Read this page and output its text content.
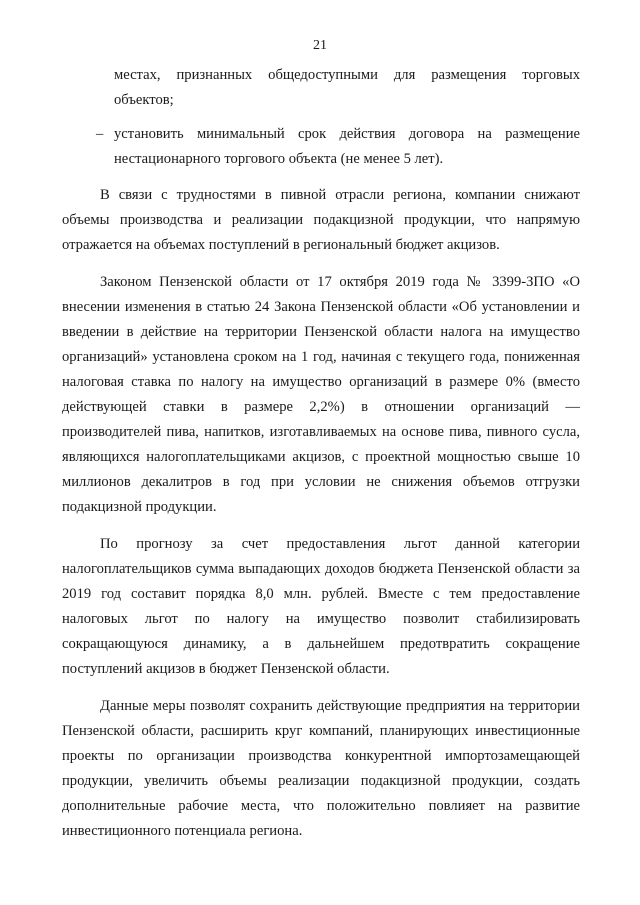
21

местах, признанных общедоступными для размещения торговых объектов;

– установить минимальный срок действия договора на размещение нестационарного торгового объекта (не менее 5 лет).

В связи с трудностями в пивной отрасли региона, компании снижают объемы производства и реализации подакцизной продукции, что напрямую отражается на объемах поступлений в региональный бюджет акцизов.

Законом Пензенской области от 17 октября 2019 года № 3399-ЗПО «О внесении изменения в статью 24 Закона Пензенской области «Об установлении и введении в действие на территории Пензенской области налога на имущество организаций» установлена сроком на 1 год, начиная с текущего года, пониженная налоговая ставка по налогу на имущество организаций в размере 0% (вместо действующей ставки в размере 2,2%) в отношении организаций — производителей пива, напитков, изготавливаемых на основе пива, пивного сусла, являющихся налогоплательщиками акцизов, с проектной мощностью свыше 10 миллионов декалитров в год при условии не снижения объемов отгрузки подакцизной продукции.

По прогнозу за счет предоставления льгот данной категории налогоплательщиков сумма выпадающих доходов бюджета Пензенской области за 2019 год составит порядка 8,0 млн. рублей. Вместе с тем предоставление налоговых льгот по налогу на имущество позволит стабилизировать сокращающуюся динамику, а в дальнейшем предотвратить сокращение поступлений акцизов в бюджет Пензенской области.

Данные меры позволят сохранить действующие предприятия на территории Пензенской области, расширить круг компаний, планирующих инвестиционные проекты по организации производства конкурентной импортозамещающей продукции, увеличить объемы реализации подакцизной продукции, создать дополнительные рабочие места, что положительно повлияет на развитие инвестиционного потенциала региона.
